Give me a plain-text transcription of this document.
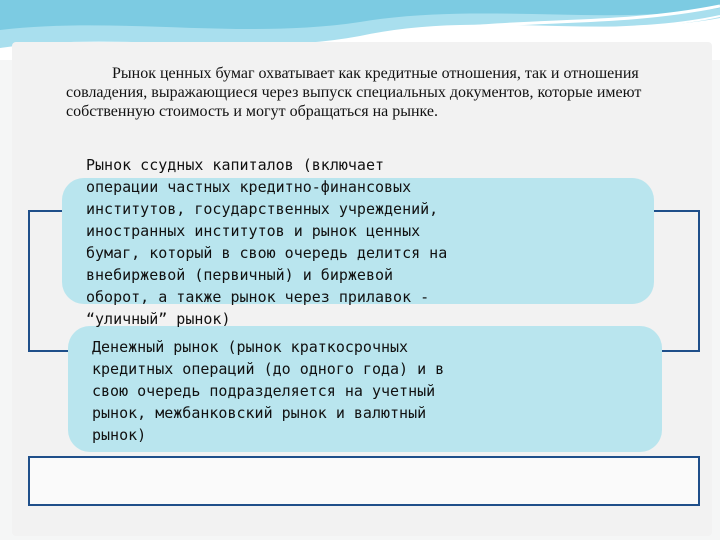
Рынок ценных бумаг охватывает как кредитные отношения, так и отношения совладения, выражающиеся через выпуск специальных документов, которые имеют собственную стоимость и могут обращаться на рынке.
Рынок ссудных капиталов (включает
операции частных кредитно-финансовых
институтов, государственных учреждений,
иностранных институтов и рынок ценных
бумаг, который в свою очередь делится на
внебиржевой (первичный) и биржевой
оборот, а также рынок через прилавок -
“уличный” рынок)
Денежный рынок (рынок краткосрочных
кредитных операций (до одного года) и в
свою очередь подразделяется на учетный
рынок, межбанковский рынок и валютный
рынок)
